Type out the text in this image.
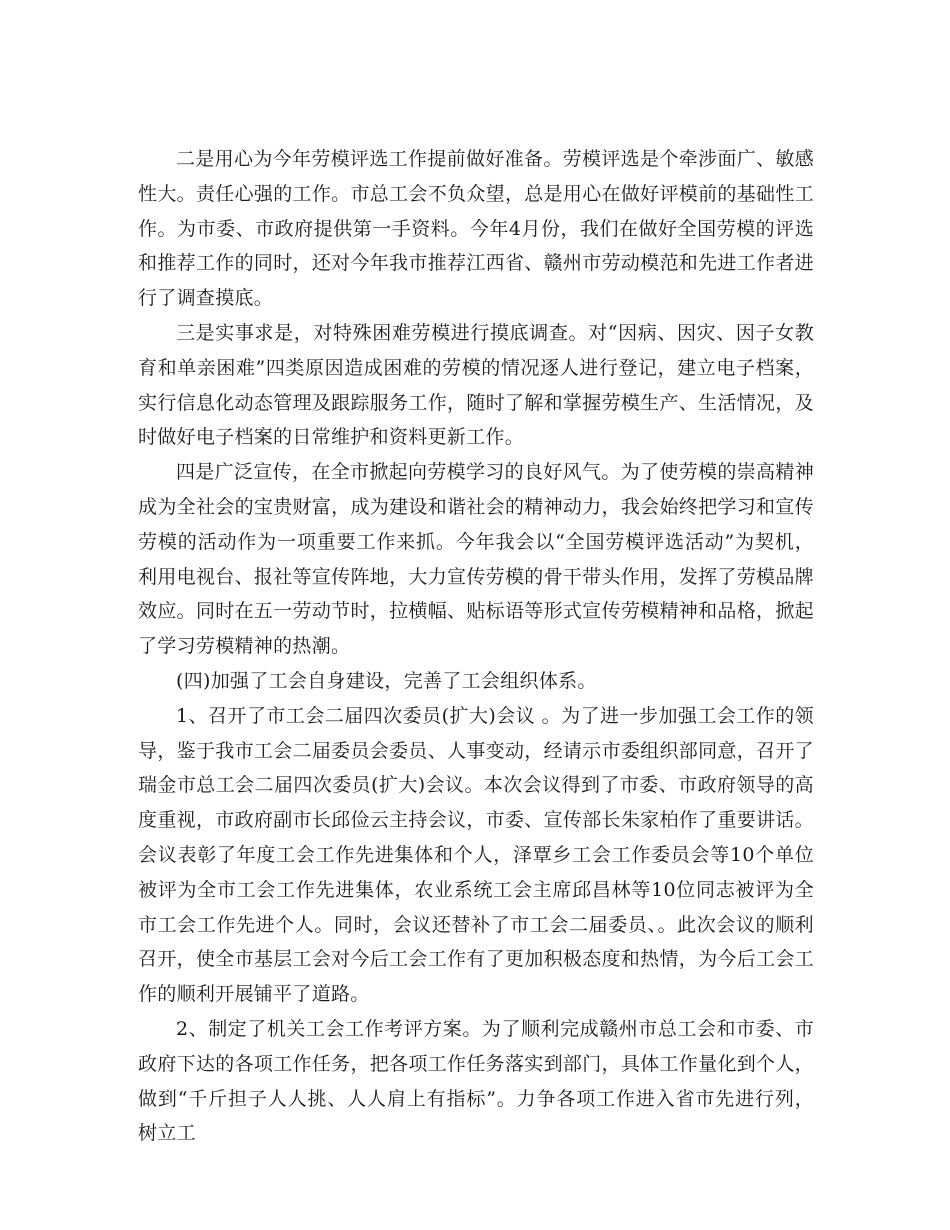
二是用心为今年劳模评选工作提前做好准备。劳模评选是个牵涉面广、敏感性大。责任心强的工作。市总工会不负众望，总是用心在做好评模前的基础性工作。为市委、市政府提供第一手资料。今年4月份，我们在做好全国劳模的评选和推荐工作的同时，还对今年我市推荐江西省、赣州市劳动模范和先进工作者进行了调查摸底。

三是实事求是，对特殊困难劳模进行摸底调查。对“因病、因灾、因子女教育和单亲困难”四类原因造成困难的劳模的情况逐人进行登记，建立电子档案，实行信息化动态管理及跟踪服务工作，随时了解和掌握劳模生产、生活情况，及时做好电子档案的日常维护和资料更新工作。

四是广泛宣传，在全市掀起向劳模学习的良好风气。为了使劳模的崇高精神成为全社会的宝贵财富，成为建设和谐社会的精神动力，我会始终把学习和宣传劳模的活动作为一项重要工作来抓。今年我会以“全国劳模评选活动”为契机，利用电视台、报社等宣传阵地，大力宣传劳模的骨干带头作用，发挥了劳模品牌效应。同时在五一劳动节时，拉横幅、贴标语等形式宣传劳模精神和品格，掀起了学习劳模精神的热潮。

(四)加强了工会自身建设，完善了工会组织体系。

1、召开了市工会二届四次委员(扩大)会议 。为了进一步加强工会工作的领导，鉴于我市工会二届委员会委员、人事变动，经请示市委组织部同意，召开了瑞金市总工会二届四次委员(扩大)会议。本次会议得到了市委、市政府领导的高度重视，市政府副市长邱俭云主持会议，市委、宣传部长朱家柏作了重要讲话。会议表彰了年度工会工作先进集体和个人，泽覃乡工会工作委员会等10个单位被评为全市工会工作先进集体，农业系统工会主席邱昌林等10位同志被评为全市工会工作先进个人。同时，会议还替补了市工会二届委员、。此次会议的顺利召开，使全市基层工会对今后工会工作有了更加积极态度和热情，为今后工会工作的顺利开展铺平了道路。

2、制定了机关工会工作考评方案。为了顺利完成赣州市总工会和市委、市政府下达的各项工作任务，把各项工作任务落实到部门，具体工作量化到个人，做到“千斤担子人人挑、人人肩上有指标”。力争各项工作进入省市先进行列，树立工
